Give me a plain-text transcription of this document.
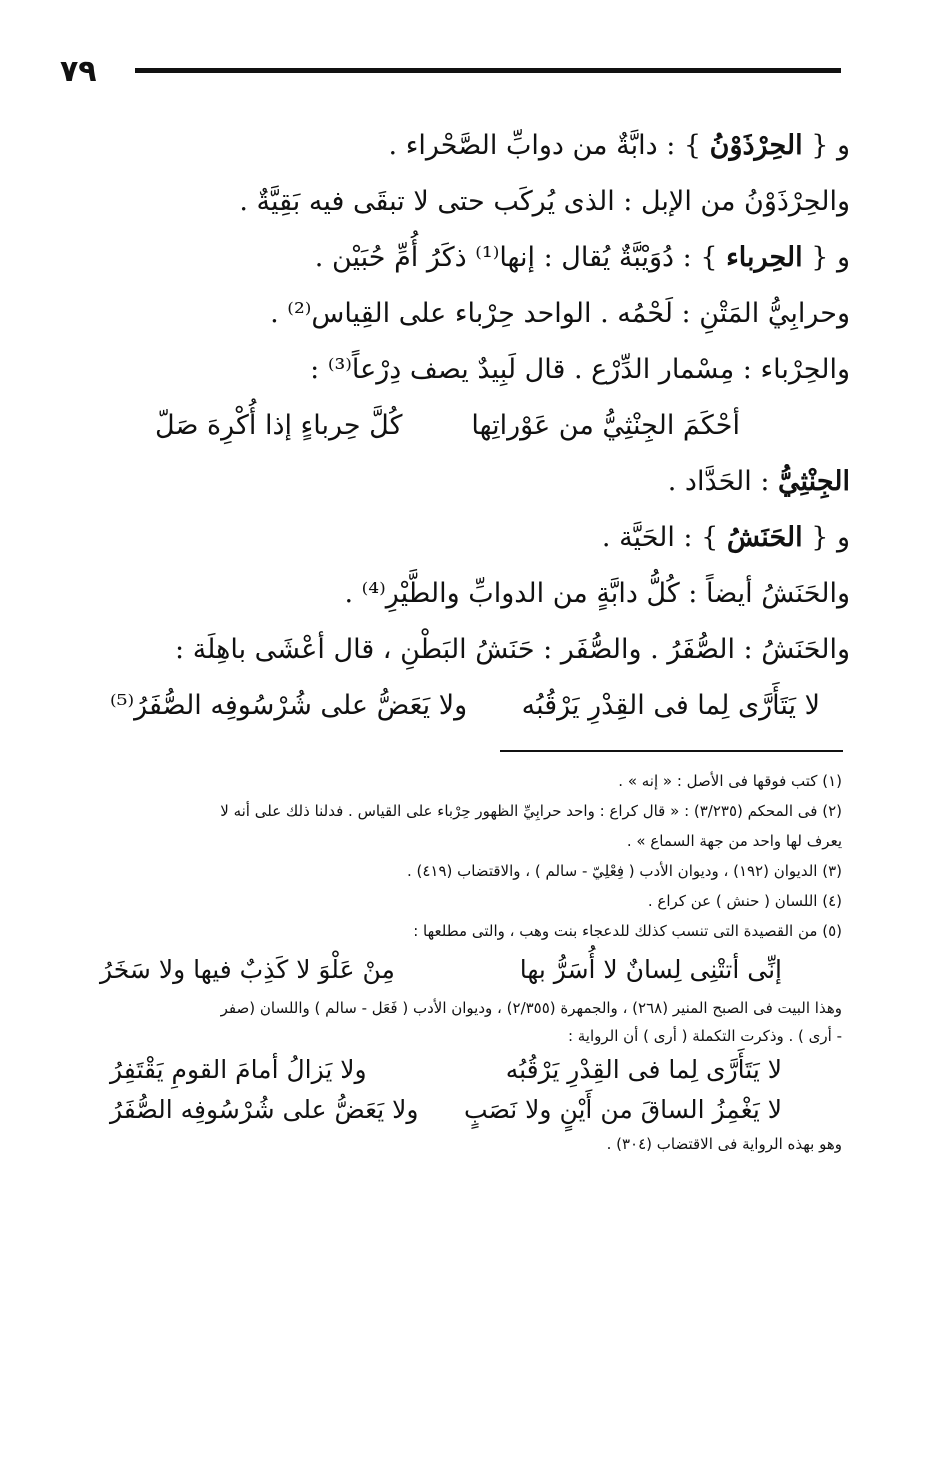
٧٩
و { الحِرْذَوْنُ } : دابَّةٌ من دوابِّ الصَّحْراء .
والحِرْذَوْنُ من الإبل : الذى يُركَب حتى لا تبقَى فيه بَقِيَّةٌ .
و { الحِرباء } : دُوَيْبَّةٌ يُقال : إنها⁽¹⁾ ذكَرُ أُمِّ حُبَيْن .
وحرابِيُّ المَتْنِ : لَحْمُه . الواحد حِرْباء على القِياس⁽²⁾ .
والحِرْباء : مِسْمار الدِّرْع . قال لَبِيدٌ يصف دِرْعاً⁽³⁾ :
أحْكَمَ الجِنْثِيُّ من عَوْراتِها
كُلَّ حِرباءٍ إذا أُكْرِهَ صَلّ
الجِنْثِيُّ : الحَدَّاد .
و { الحَنَشُ } : الحَيَّة .
والحَنَشُ أيضاً : كُلُّ دابَّةٍ من الدوابِّ والطَّيْرِ⁽⁴⁾ .
والحَنَشُ : الصُّفَرُ . والصُّفَر : حَنَشُ البَطْنِ ، قال أعْشَى باهِلَة :
لا يَتَأَرَّى لِما فى القِدْرِ يَرْقُبُه
ولا يَعَضُّ على شُرْسُوفِه الصُّفَرُ⁽⁵⁾
(١) كتب فوقها فى الأصل : « إنه » .
(٢) فى المحكم (٣/٢٣٥) : « قال كراع : واحد حرابِيِّ الظهور حِرْباء على القياس . فدلنا ذلك على أنه لا
يعرف لها واحد من جهة السماع » .
(٣) الديوان (١٩٢) ، وديوان الأدب ( فِعْلِيّ - سالم ) ، والاقتضاب (٤١٩) .
(٤) اللسان ( حنش ) عن كراع .
(٥) من القصيدة التى تنسب كذلك للدعجاء بنت وهب ، والتى مطلعها :
إنِّى أتتْنِى لِسانٌ لا أُسَرُّ بها
مِنْ عَلْوَ لا كَذِبٌ فيها ولا سَخَرُ
وهذا البيت فى الصبح المنير (٢٦٨) ، والجمهرة (٢/٣٥٥) ، وديوان الأدب ( فَعَل - سالم ) واللسان (صفر
- أرى ) . وذكرت التكملة ( أرى ) أن الرواية :
لا يَتَأَرَّى لِما فى القِدْرِ يَرْقُبُه
ولا يَزالُ أمامَ القومِ يَقْتَفِرُ
لا يَغْمِزُ الساقَ من أَيْنٍ ولا نَصَبٍ
ولا يَعَضُّ على شُرْسُوفِه الصُّفَرُ
وهو بهذه الرواية فى الاقتضاب (٣٠٤) .
